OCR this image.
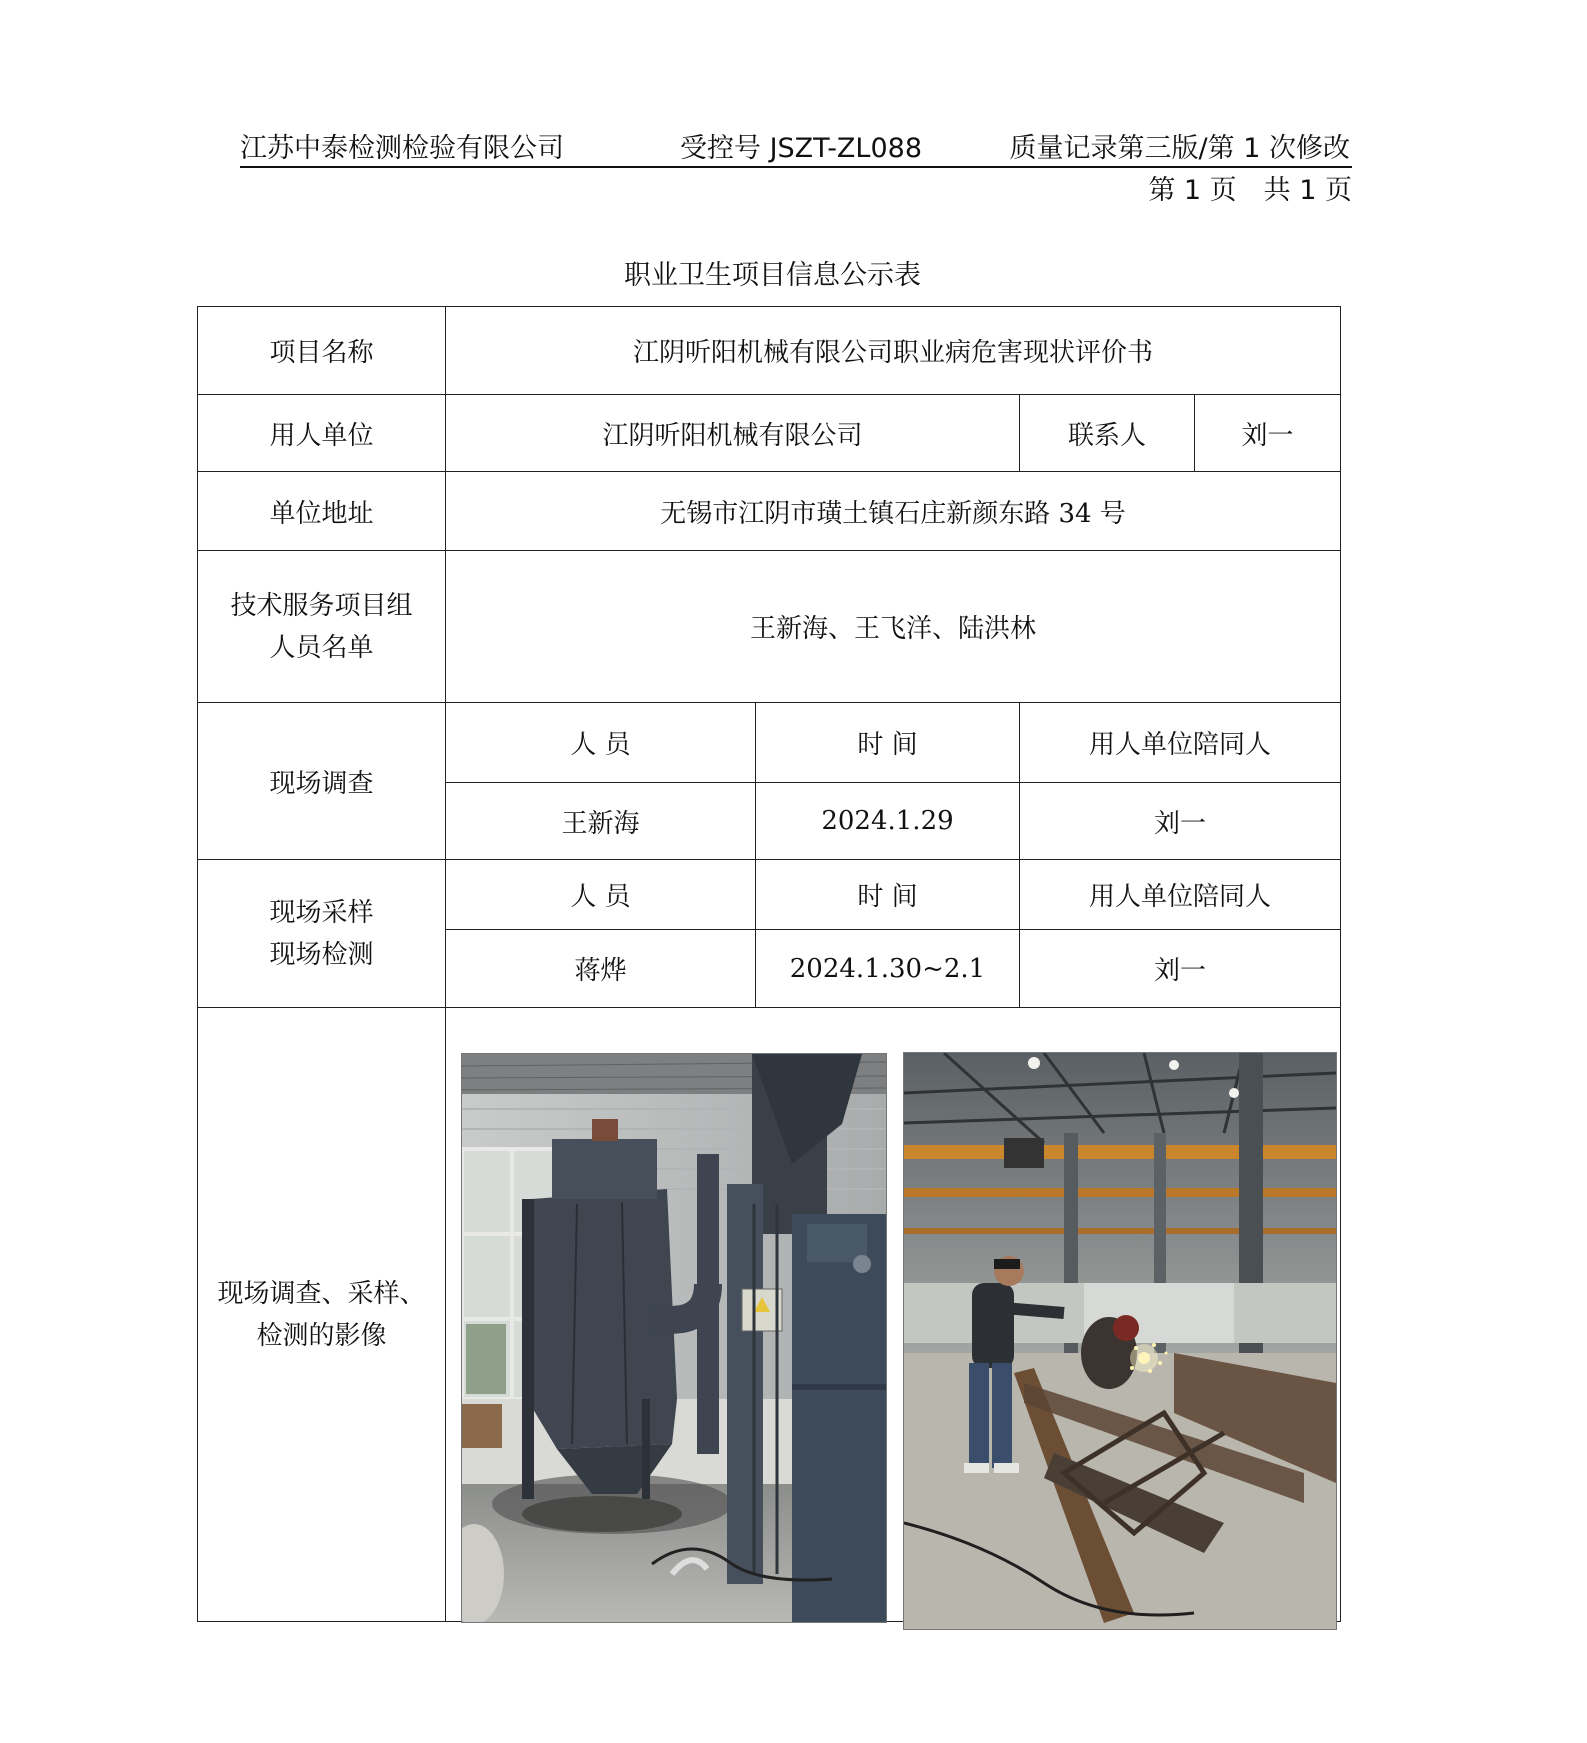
江苏中泰检测检验有限公司	受控号 JSZT-ZL088	质量记录第三版/第 1 次修改
第 1 页　共 1 页
职业卫生项目信息公示表
项目名称	江阴听阳机械有限公司职业病危害现状评价书			
用人单位	江阴听阳机械有限公司		联系人	刘一
单位地址	无锡市江阴市璜土镇石庄新颜东路 34 号			

技术服务项目组
人员名单	王新海、王飞洋、陆洪林			
现场调查	人 员	时 间	用人单位陪同人	
	王新海	2024.1.29	刘一	

现场采样
现场检测	人 员	时 间	用人单位陪同人	
	蒋烨	2024.1.30~2.1	刘一	

现场调查、采样、
检测的影像
